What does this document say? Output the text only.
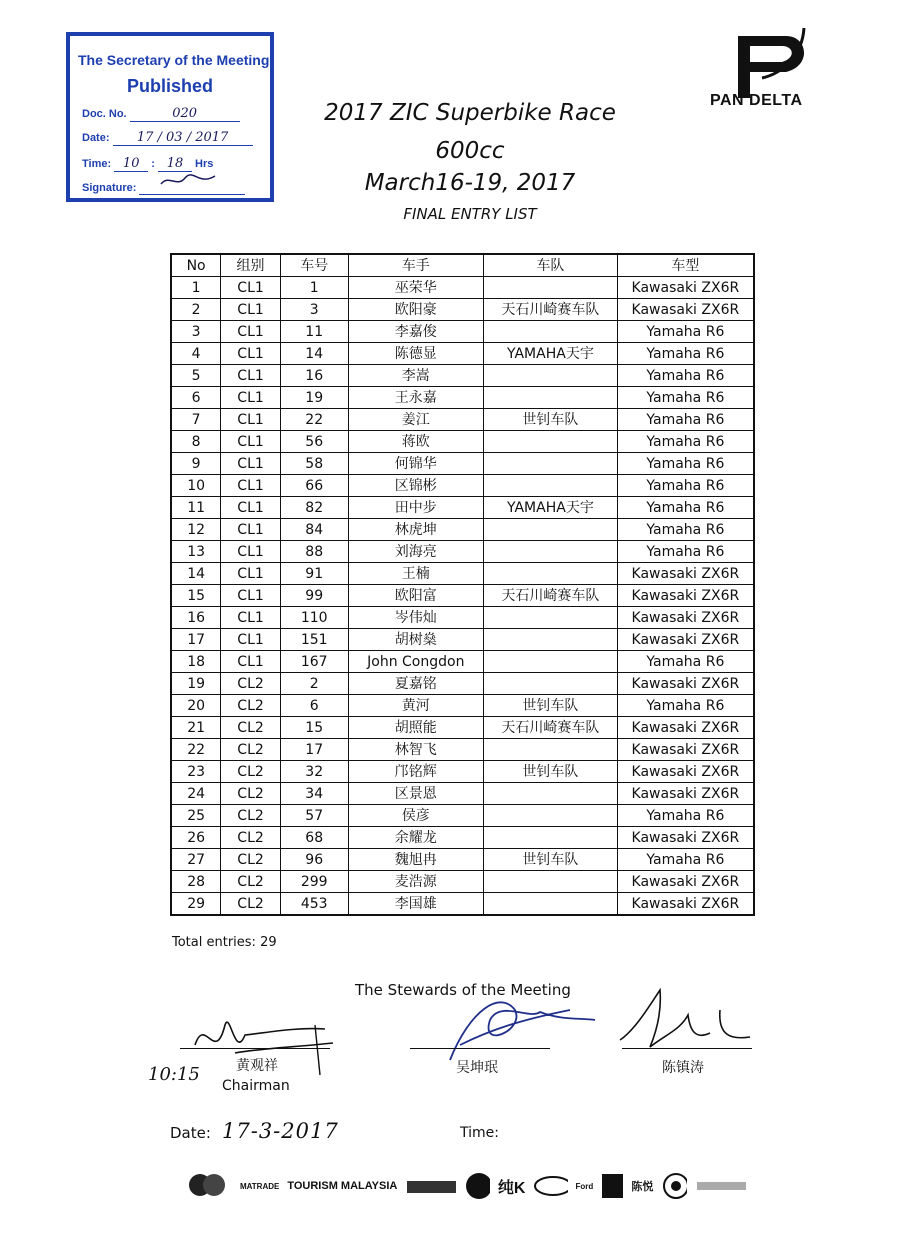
The Secretary of the Meeting
Published
Doc. No.	020
Date: 17 / 03 / 2017
Time: 10 : 18 Hrs
Signature:

PAN DELTA
2017 ZIC Superbike Race
600cc
March16-19, 2017
FINAL ENTRY LIST
No	组别	车号	车手	车队	车型
1	CL1	1	巫荣华		Kawasaki ZX6R
2	CL1	3	欧阳豪	天石川崎赛车队	Kawasaki ZX6R
3	CL1	11	李嘉俊		Yamaha R6
4	CL1	14	陈德显	YAMAHA天宇	Yamaha R6
5	CL1	16	李嵩		Yamaha R6
6	CL1	19	王永嘉		Yamaha R6
7	CL1	22	姜江	世钊车队	Yamaha R6
8	CL1	56	蒋欧		Yamaha R6
9	CL1	58	何锦华		Yamaha R6
10	CL1	66	区锦彬		Yamaha R6
11	CL1	82	田中步	YAMAHA天宇	Yamaha R6
12	CL1	84	林虎坤		Yamaha R6
13	CL1	88	刘海亮		Yamaha R6
14	CL1	91	王楠		Kawasaki ZX6R
15	CL1	99	欧阳富	天石川崎赛车队	Kawasaki ZX6R
16	CL1	110	岑伟灿		Kawasaki ZX6R
17	CL1	151	胡树燊		Kawasaki ZX6R
18	CL1	167	John Congdon		Yamaha R6
19	CL2	2	夏嘉铭		Kawasaki ZX6R
20	CL2	6	黄河	世钊车队	Yamaha R6
21	CL2	15	胡照能	天石川崎赛车队	Kawasaki ZX6R
22	CL2	17	林智飞		Kawasaki ZX6R
23	CL2	32	邝铭辉	世钊车队	Kawasaki ZX6R
24	CL2	34	区景恩		Kawasaki ZX6R
25	CL2	57	侯彦		Yamaha R6
26	CL2	68	余耀龙		Kawasaki ZX6R
27	CL2	96	魏旭冉	世钊车队	Yamaha R6
28	CL2	299	麦浩源		Kawasaki ZX6R
29	CL2	453	李国雄		Kawasaki ZX6R
Total entries: 29
The Stewards of the Meeting
10:15	黄观祥
Chairman
吴坤珉	陈镇涛
Date: 17-3-2017	Time:
MATRADE TOURISM MALAYSIA	纯K	Ford	陈悦
